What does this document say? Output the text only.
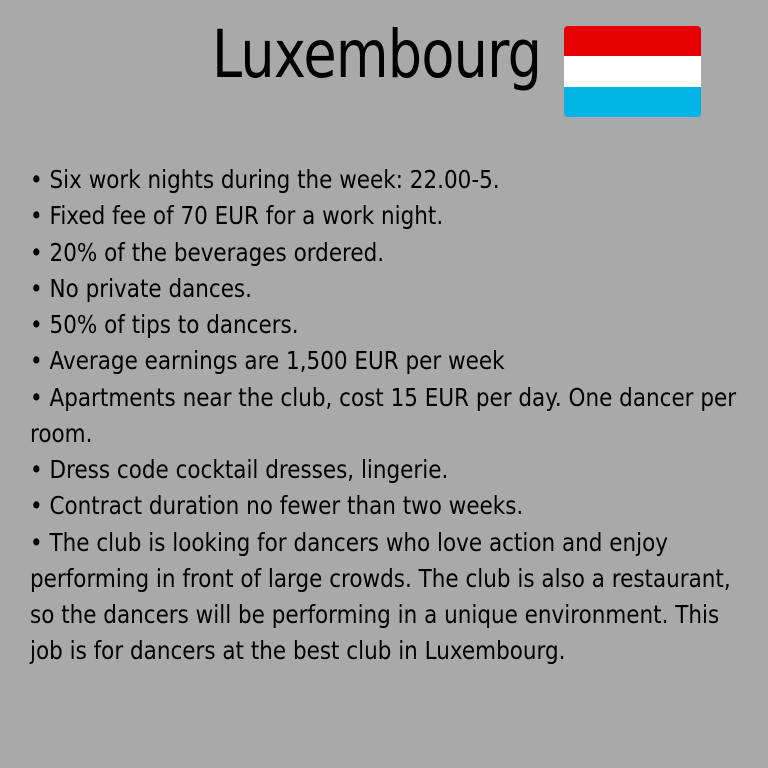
Luxembourg

• Six work nights during the week: 22.00-5.

• Fixed fee of 70 EUR for a work night.

• 20% of the beverages ordered.

• No private dances.

• 50% of tips to dancers.

• Average earnings are 1,500 EUR per week

• Apartments near the club, cost 15 EUR per day. One dancer per room.

• Dress code cocktail dresses, lingerie.

• Contract duration no fewer than two weeks.

• The club is looking for dancers who love action and enjoy performing in front of large crowds. The club is also a restaurant, so the dancers will be performing in a unique environment. This job is for dancers at the best club in Luxembourg.
